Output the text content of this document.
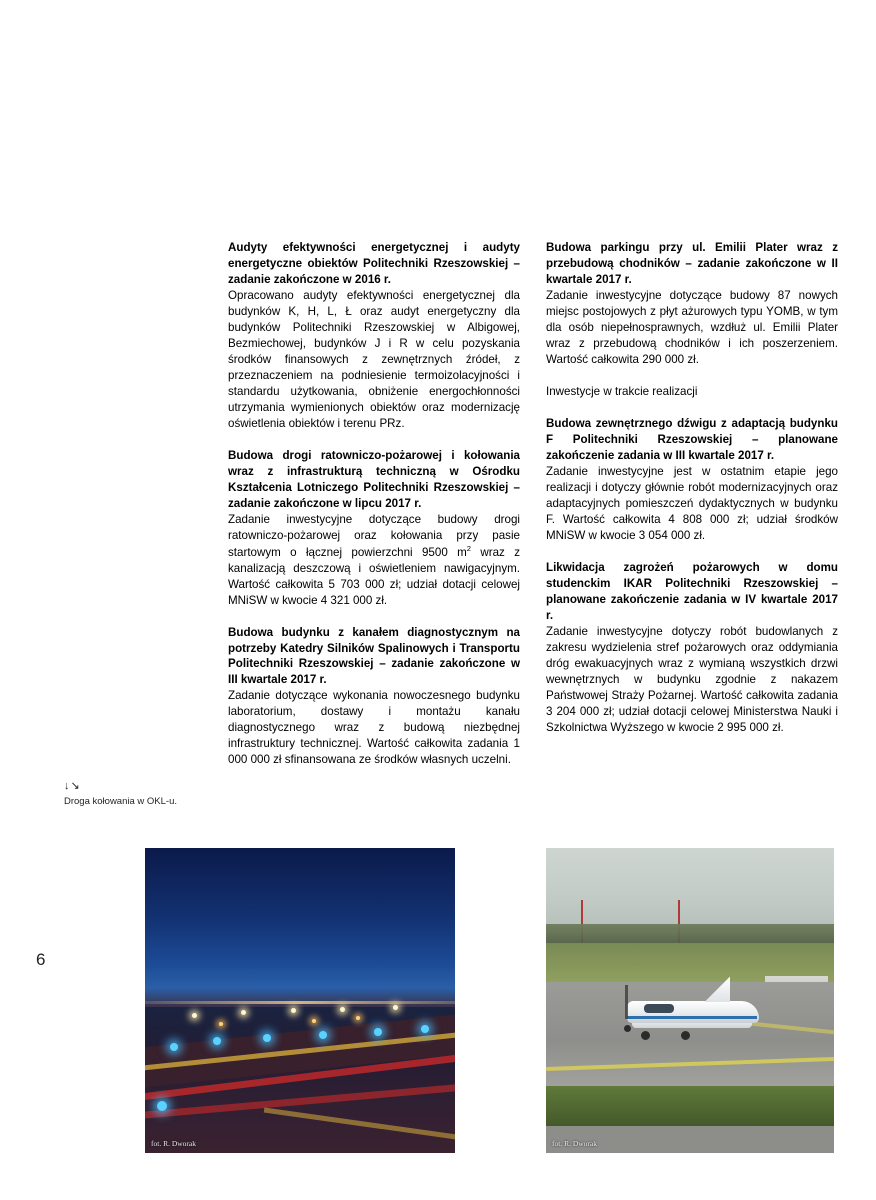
6
↓↘
Droga kołowania w OKL-u.
Audyty efektywności energetycznej i audyty energetyczne obiektów Politechniki Rzeszowskiej – zadanie zakończone w 2016 r.

Opracowano audyty efektywności energetycznej dla budynków K, H, L, Ł oraz audyt energetyczny dla budynków Politechniki Rzeszowskiej w Albigowej, Bezmiechowej, budynków J i R w celu pozyskania środków finansowych z zewnętrznych źródeł, z przeznaczeniem na podniesienie termoizolacyjności i standardu użytkowania, obniżenie energochłonności utrzymania wymienionych obiektów oraz modernizację oświetlenia obiektów i terenu PRz.

Budowa drogi ratowniczo-pożarowej i kołowania wraz z infrastrukturą techniczną w Ośrodku Kształcenia Lotniczego Politechniki Rzeszowskiej – zadanie zakończone w lipcu 2017 r.

Zadanie inwestycyjne dotyczące budowy drogi ratowniczo-pożarowej oraz kołowania przy pasie startowym o łącznej powierzchni 9500 $m^2$ wraz z kanalizacją deszczową i oświetleniem nawigacyjnym. Wartość całkowita 5 703 000 zł; udział dotacji celowej MNiSW w kwocie 4 321 000 zł.

Budowa budynku z kanałem diagnostycznym na potrzeby Katedry Silników Spalinowych i Transportu Politechniki Rzeszowskiej – zadanie zakończone w III kwartale 2017 r.

Zadanie dotyczące wykonania nowoczesnego budynku laboratorium, dostawy i montażu kanału diagnostycznego wraz z budową niezbędnej infrastruktury technicznej. Wartość całkowita zadania 1 000 000 zł sfinansowana ze środków własnych uczelni.

Budowa parkingu przy ul. Emilii Plater wraz z przebudową chodników – zadanie zakończone w II kwartale 2017 r.

Zadanie inwestycyjne dotyczące budowy 87 nowych miejsc postojowych z płyt ażurowych typu YOMB, w tym dla osób niepełnosprawnych, wzdłuż ul. Emilii Plater wraz z przebudową chodników i ich poszerzeniem. Wartość całkowita 290 000 zł.

Inwestycje w trakcie realizacji
Budowa zewnętrznego dźwigu z adaptacją budynku F Politechniki Rzeszowskiej – planowane zakończenie zadania w III kwartale 2017 r.

Zadanie inwestycyjne jest w ostatnim etapie jego realizacji i dotyczy głównie robót modernizacyjnych oraz adaptacyjnych pomieszczeń dydaktycznych w budynku F. Wartość całkowita 4 808 000 zł; udział środków MNiSW w kwocie 3 054 000 zł.

Likwidacja zagrożeń pożarowych w domu studenckim IKAR Politechniki Rzeszowskiej – planowane zakończenie zadania w IV kwartale 2017 r.

Zadanie inwestycyjne dotyczy robót budowlanych z zakresu wydzielenia stref pożarowych oraz oddymiania dróg ewakuacyjnych wraz z wymianą wszystkich drzwi wewnętrznych w budynku zgodnie z nakazem Państwowej Straży Pożarnej. Wartość całkowita zadania 3 204 000 zł; udział dotacji celowej Ministerstwa Nauki i Szkolnictwa Wyższego w kwocie 2 995 000 zł.

fot. R. Dworak	fot. R. Dworak
